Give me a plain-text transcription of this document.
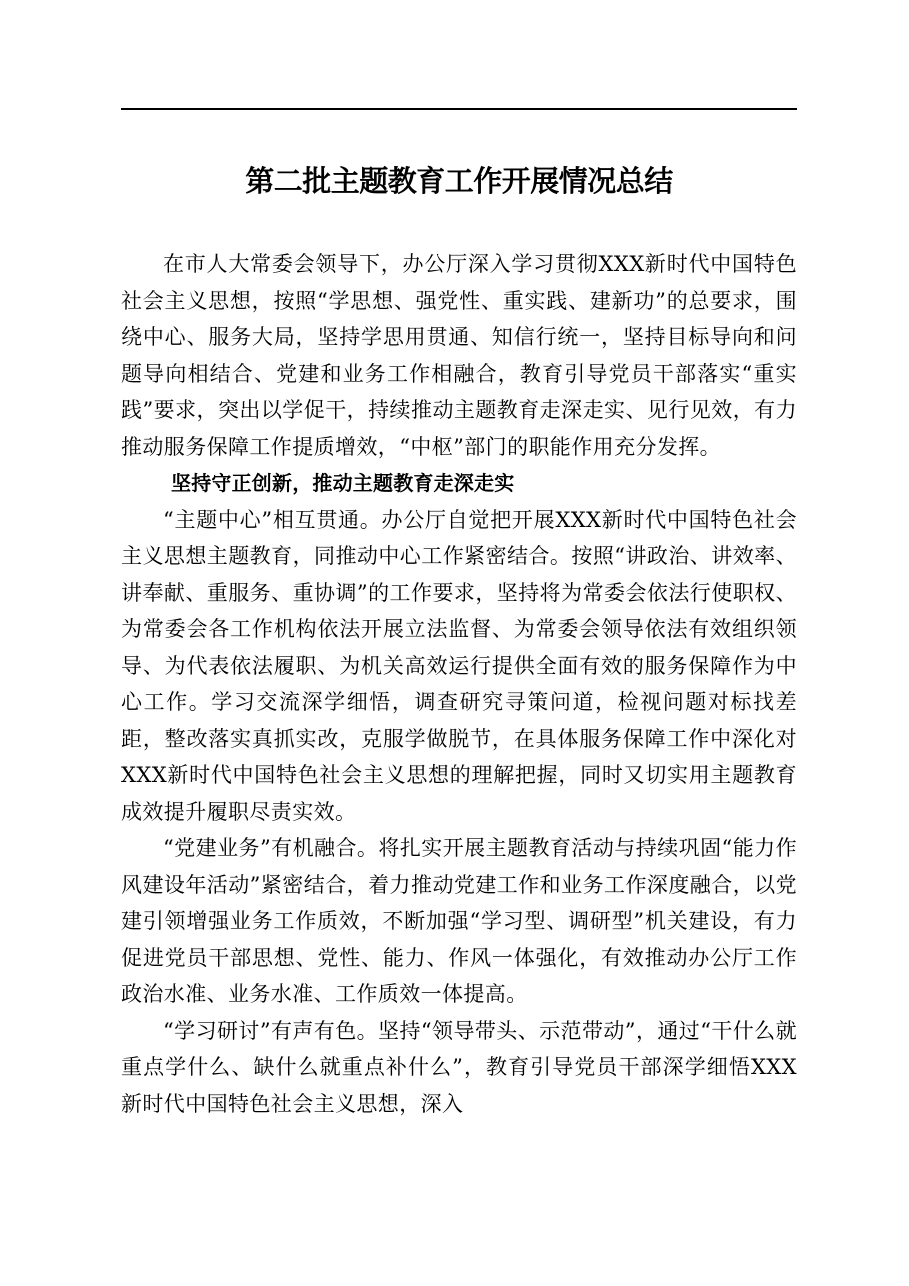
第二批主题教育工作开展情况总结

在市人大常委会领导下，办公厅深入学习贯彻XXX新时代中国特色社会主义思想，按照“学思想、强党性、重实践、建新功”的总要求，围绕中心、服务大局，坚持学思用贯通、知信行统一，坚持目标导向和问题导向相结合、党建和业务工作相融合，教育引导党员干部落实“重实践”要求，突出以学促干，持续推动主题教育走深走实、见行见效，有力推动服务保障工作提质增效，“中枢”部门的职能作用充分发挥。

坚持守正创新，推动主题教育走深走实

“主题中心”相互贯通。办公厅自觉把开展XXX新时代中国特色社会主义思想主题教育，同推动中心工作紧密结合。按照“讲政治、讲效率、讲奉献、重服务、重协调”的工作要求，坚持将为常委会依法行使职权、为常委会各工作机构依法开展立法监督、为常委会领导依法有效组织领导、为代表依法履职、为机关高效运行提供全面有效的服务保障作为中心工作。学习交流深学细悟，调查研究寻策问道，检视问题对标找差距，整改落实真抓实改，克服学做脱节，在具体服务保障工作中深化对XXX新时代中国特色社会主义思想的理解把握，同时又切实用主题教育成效提升履职尽责实效。

“党建业务”有机融合。将扎实开展主题教育活动与持续巩固“能力作风建设年活动”紧密结合，着力推动党建工作和业务工作深度融合，以党建引领增强业务工作质效，不断加强“学习型、调研型”机关建设，有力促进党员干部思想、党性、能力、作风一体强化，有效推动办公厅工作政治水准、业务水准、工作质效一体提高。

“学习研讨”有声有色。坚持“领导带头、示范带动”，通过“干什么就重点学什么、缺什么就重点补什么”，教育引导党员干部深学细悟XXX新时代中国特色社会主义思想，深入
